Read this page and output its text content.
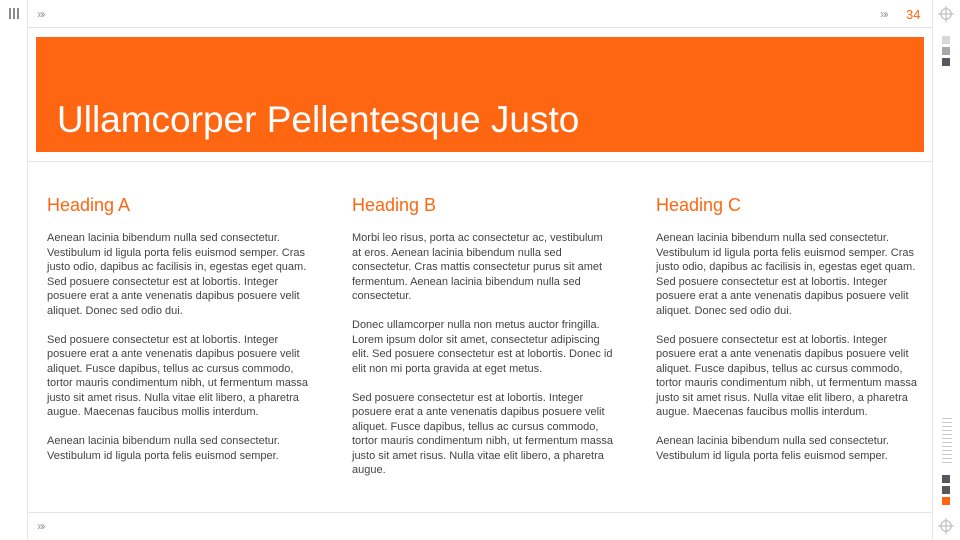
»›	»›
»›
34
Ullamcorper Pellentesque Justo
Heading A

Aenean lacinia bibendum nulla sed consectetur. Vestibulum id ligula porta felis euismod semper. Cras justo odio, dapibus ac facilisis in, egestas eget quam. Sed posuere consectetur est at lobortis. Integer posuere erat a ante venenatis dapibus posuere velit aliquet. Donec sed odio dui.

Sed posuere consectetur est at lobortis. Integer posuere erat a ante venenatis dapibus posuere velit aliquet. Fusce dapibus, tellus ac cursus commodo, tortor mauris condimentum nibh, ut fermentum massa justo sit amet risus. Nulla vitae elit libero, a pharetra augue. Maecenas faucibus mollis interdum.

Aenean lacinia bibendum nulla sed consectetur. Vestibulum id ligula porta felis euismod semper.

Heading B

Morbi leo risus, porta ac consectetur ac, vestibulum at eros. Aenean lacinia bibendum nulla sed consectetur. Cras mattis consectetur purus sit amet fermentum. Aenean lacinia bibendum nulla sed consectetur.

Donec ullamcorper nulla non metus auctor fringilla. Lorem ipsum dolor sit amet, consectetur adipiscing elit. Sed posuere consectetur est at lobortis. Donec id elit non mi porta gravida at eget metus.

Sed posuere consectetur est at lobortis. Integer posuere erat a ante venenatis dapibus posuere velit aliquet. Fusce dapibus, tellus ac cursus commodo, tortor mauris condimentum nibh, ut fermentum massa justo sit amet risus. Nulla vitae elit libero, a pharetra augue.

Heading C

Aenean lacinia bibendum nulla sed consectetur. Vestibulum id ligula porta felis euismod semper. Cras justo odio, dapibus ac facilisis in, egestas eget quam. Sed posuere consectetur est at lobortis. Integer posuere erat a ante venenatis dapibus posuere velit aliquet. Donec sed odio dui.

Sed posuere consectetur est at lobortis. Integer posuere erat a ante venenatis dapibus posuere velit aliquet. Fusce dapibus, tellus ac cursus commodo, tortor mauris condimentum nibh, ut fermentum massa justo sit amet risus. Nulla vitae elit libero, a pharetra augue. Maecenas faucibus mollis interdum.

Aenean lacinia bibendum nulla sed consectetur. Vestibulum id ligula porta felis euismod semper.
